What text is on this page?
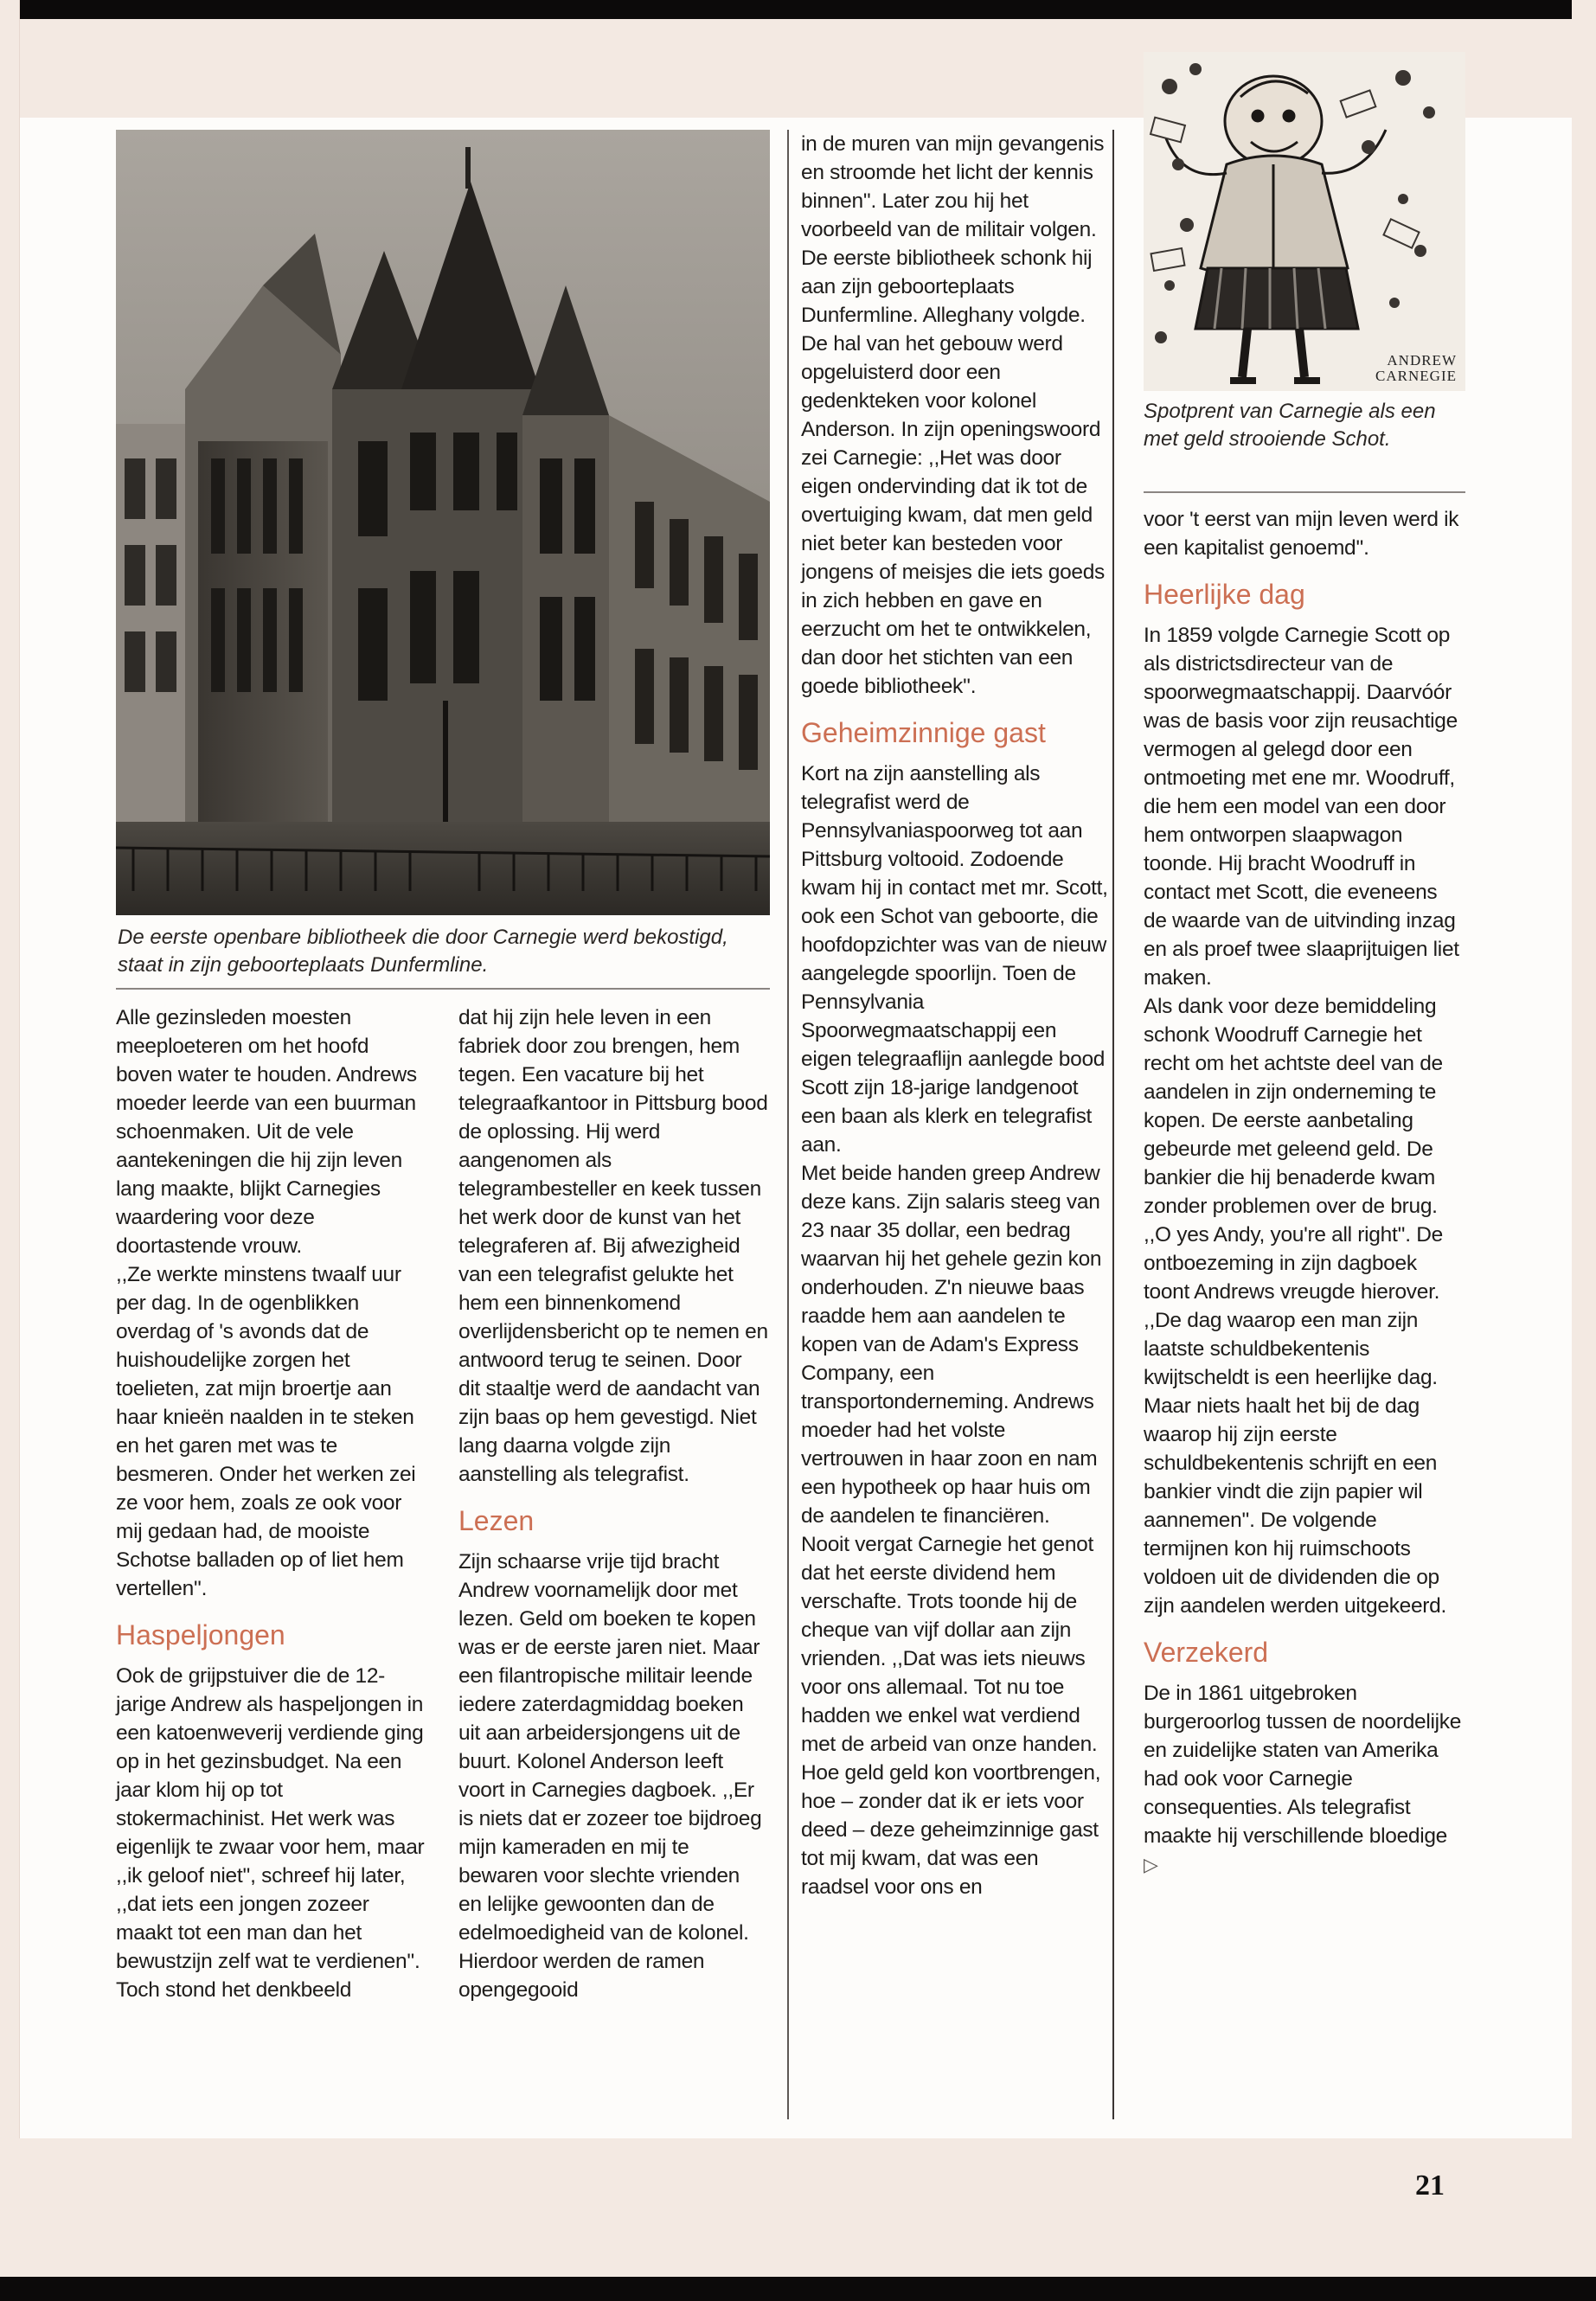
De eerste openbare bibliotheek die door Carnegie werd bekostigd, staat in zijn geboorteplaats Dunfermline.

Alle gezinsleden moesten meeploeteren om het hoofd boven water te houden. Andrews moeder leerde van een buurman schoenmaken. Uit de vele aantekeningen die hij zijn leven lang maakte, blijkt Carnegies waardering voor deze doortastende vrouw.

,,Ze werkte minstens twaalf uur per dag. In de ogenblikken overdag of 's avonds dat de huishoudelijke zorgen het toelieten, zat mijn broertje aan haar knieën naalden in te steken en het garen met was te besmeren. Onder het werken zei ze voor hem, zoals ze ook voor mij gedaan had, de mooiste Schotse balladen op of liet hem vertellen''.

Haspeljongen

Ook de grijpstuiver die de 12-jarige Andrew als haspeljongen in een katoenweverij verdiende ging op in het gezinsbudget. Na een jaar klom hij op tot stokermachinist. Het werk was eigenlijk te zwaar voor hem, maar ,,ik geloof niet'', schreef hij later, ,,dat iets een jongen zozeer maakt tot een man dan het bewustzijn zelf wat te verdienen''.

Toch stond het denkbeeld

dat hij zijn hele leven in een fabriek door zou brengen, hem tegen. Een vacature bij het telegraafkantoor in Pittsburg bood de oplossing. Hij werd aangenomen als telegrambesteller en keek tussen het werk door de kunst van het telegraferen af. Bij afwezigheid van een telegrafist gelukte het hem een binnenkomend overlijdensbericht op te nemen en antwoord terug te seinen. Door dit staaltje werd de aandacht van zijn baas op hem gevestigd. Niet lang daarna volgde zijn aanstelling als telegrafist.

Lezen

Zijn schaarse vrije tijd bracht Andrew voornamelijk door met lezen. Geld om boeken te kopen was er de eerste jaren niet. Maar een filantropische militair leende iedere zaterdagmiddag boeken uit aan arbeidersjongens uit de buurt. Kolonel Anderson leeft voort in Carnegies dagboek. ,,Er is niets dat er zozeer toe bijdroeg mijn kameraden en mij te bewaren voor slechte vrienden en lelijke gewoonten dan de edelmoedigheid van de kolonel. Hierdoor werden de ramen opengegooid

in de muren van mijn gevangenis en stroomde het licht der kennis binnen''. Later zou hij het voorbeeld van de militair volgen. De eerste bibliotheek schonk hij aan zijn geboorteplaats Dunfermline. Alleghany volgde. De hal van het gebouw werd opgeluisterd door een gedenkteken voor kolonel Anderson. In zijn openingswoord zei Carnegie: ,,Het was door eigen ondervinding dat ik tot de overtuiging kwam, dat men geld niet beter kan besteden voor jongens of meisjes die iets goeds in zich hebben en gave en eerzucht om het te ontwikkelen, dan door het stichten van een goede bibliotheek''.

Geheimzinnige gast

Kort na zijn aanstelling als telegrafist werd de Pennsylvaniaspoorweg tot aan Pittsburg voltooid. Zodoende kwam hij in contact met mr. Scott, ook een Schot van geboorte, die hoofdopzichter was van de nieuw aangelegde spoorlijn. Toen de Pennsylvania Spoorwegmaatschappij een eigen telegraaflijn aanlegde bood Scott zijn 18-jarige landgenoot een baan als klerk en telegrafist aan.

Met beide handen greep Andrew deze kans. Zijn salaris steeg van 23 naar 35 dollar, een bedrag waarvan hij het gehele gezin kon onderhouden. Z'n nieuwe baas raadde hem aan aandelen te kopen van de Adam's Express Company, een transportonderneming. Andrews moeder had het volste vertrouwen in haar zoon en nam een hypotheek op haar huis om de aandelen te financiëren.

Nooit vergat Carnegie het genot dat het eerste dividend hem verschafte. Trots toonde hij de cheque van vijf dollar aan zijn vrienden. ,,Dat was iets nieuws voor ons allemaal. Tot nu toe hadden we enkel wat verdiend met de arbeid van onze handen. Hoe geld geld kon voortbrengen, hoe – zonder dat ik er iets voor deed – deze geheimzinnige gast tot mij kwam, dat was een raadsel voor ons en

ANDREW
CARNEGIE
Spotprent van Carnegie als een met geld strooiende Schot.

voor 't eerst van mijn leven werd ik een kapitalist genoemd''.

Heerlijke dag

In 1859 volgde Carnegie Scott op als districtsdirecteur van de spoorwegmaatschappij. Daarvóór was de basis voor zijn reusachtige vermogen al gelegd door een ontmoeting met ene mr. Woodruff, die hem een model van een door hem ontworpen slaapwagon toonde. Hij bracht Woodruff in contact met Scott, die eveneens de waarde van de uitvinding inzag en als proef twee slaaprijtuigen liet maken.

Als dank voor deze bemiddeling schonk Woodruff Carnegie het recht om het achtste deel van de aandelen in zijn onderneming te kopen. De eerste aanbetaling gebeurde met geleend geld. De bankier die hij benaderde kwam zonder problemen over de brug. ,,O yes Andy, you're all right''. De ontboezeming in zijn dagboek toont Andrews vreugde hierover. ,,De dag waarop een man zijn laatste schuldbekentenis kwijtscheldt is een heerlijke dag. Maar niets haalt het bij de dag waarop hij zijn eerste schuldbekentenis schrijft en een bankier vindt die zijn papier wil aannemen''. De volgende termijnen kon hij ruimschoots voldoen uit de dividenden die op zijn aandelen werden uitgekeerd.

Verzekerd

De in 1861 uitgebroken burgeroorlog tussen de noordelijke en zuidelijke staten van Amerika had ook voor Carnegie consequenties. Als telegrafist maakte hij verschillende bloedige ▷

21
